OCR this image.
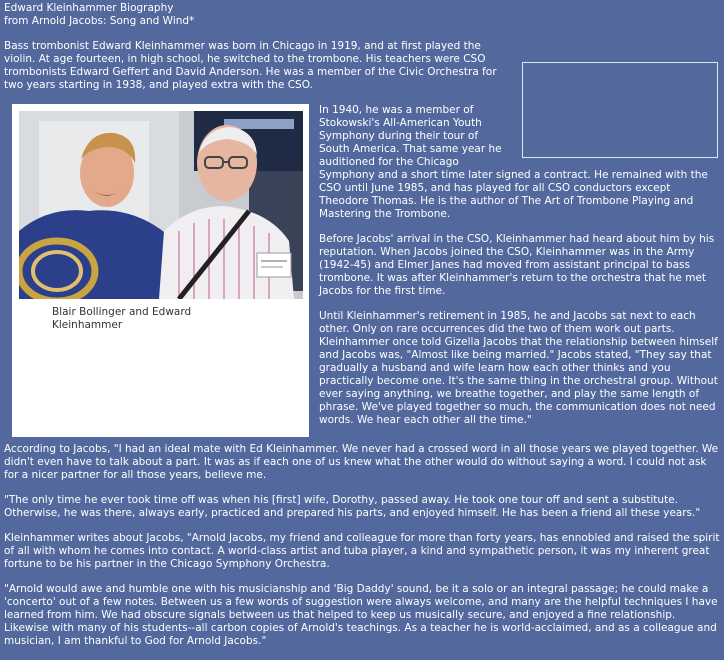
Edward Kleinhammer Biography
from Arnold Jacobs: Song and Wind*

Bass trombonist Edward Kleinhammer was born in Chicago in 1919, and at first played the violin. At age fourteen, in high school, he switched to the trombone. His teachers were CSO trombonists Edward Geffert and David Anderson. He was a member of the Civic Orchestra for two years starting in 1938, and played extra with the CSO.

Blair Bollinger and Edward Kleinhammer

In 1940, he was a member of Stokowski's All-American Youth Symphony during their tour of South America. That same year he auditioned for the Chicago Symphony and a short time later signed a contract. He remained with the CSO until June 1985, and has played for all CSO conductors except Theodore Thomas. He is the author of The Art of Trombone Playing and Mastering the Trombone.

Before Jacobs' arrival in the CSO, Kleinhammer had heard about him by his reputation. When Jacobs joined the CSO, Kleinhammer was in the Army (1942-45) and Elmer Janes had moved from assistant principal to bass trombone. It was after Kleinhammer's return to the orchestra that he met Jacobs for the first time.

Until Kleinhammer's retirement in 1985, he and Jacobs sat next to each other. Only on rare occurrences did the two of them work out parts. Kleinhammer once told Gizella Jacobs that the relationship between himself and Jacobs was, "Almost like being married." Jacobs stated, "They say that gradually a husband and wife learn how each other thinks and you practically become one. It's the same thing in the orchestral group. Without ever saying anything, we breathe together, and play the same length of phrase. We've played together so much, the communication does not need words. We hear each other all the time."

According to Jacobs, "I had an ideal mate with Ed Kleinhammer. We never had a crossed word in all those years we played together. We didn't even have to talk about a part. It was as if each one of us knew what the other would do without saying a word. I could not ask for a nicer partner for all those years, believe me.

"The only time he ever took time off was when his [first] wife, Dorothy, passed away. He took one tour off and sent a substitute. Otherwise, he was there, always early, practiced and prepared his parts, and enjoyed himself. He has been a friend all these years."

Kleinhammer writes about Jacobs, "Arnold Jacobs, my friend and colleague for more than forty years, has ennobled and raised the spirit of all with whom he comes into contact. A world-class artist and tuba player, a kind and sympathetic person, it was my inherent great fortune to be his partner in the Chicago Symphony Orchestra.

"Arnold would awe and humble one with his musicianship and 'Big Daddy' sound, be it a solo or an integral passage; he could make a 'concerto' out of a few notes. Between us a few words of suggestion were always welcome, and many are the helpful techniques I have learned from him. We had obscure signals between us that helped to keep us musically secure, and enjoyed a fine relationship. Likewise with many of his students--all carbon copies of Arnold's teachings. As a teacher he is world-acclaimed, and as a colleague and musician, I am thankful to God for Arnold Jacobs."
